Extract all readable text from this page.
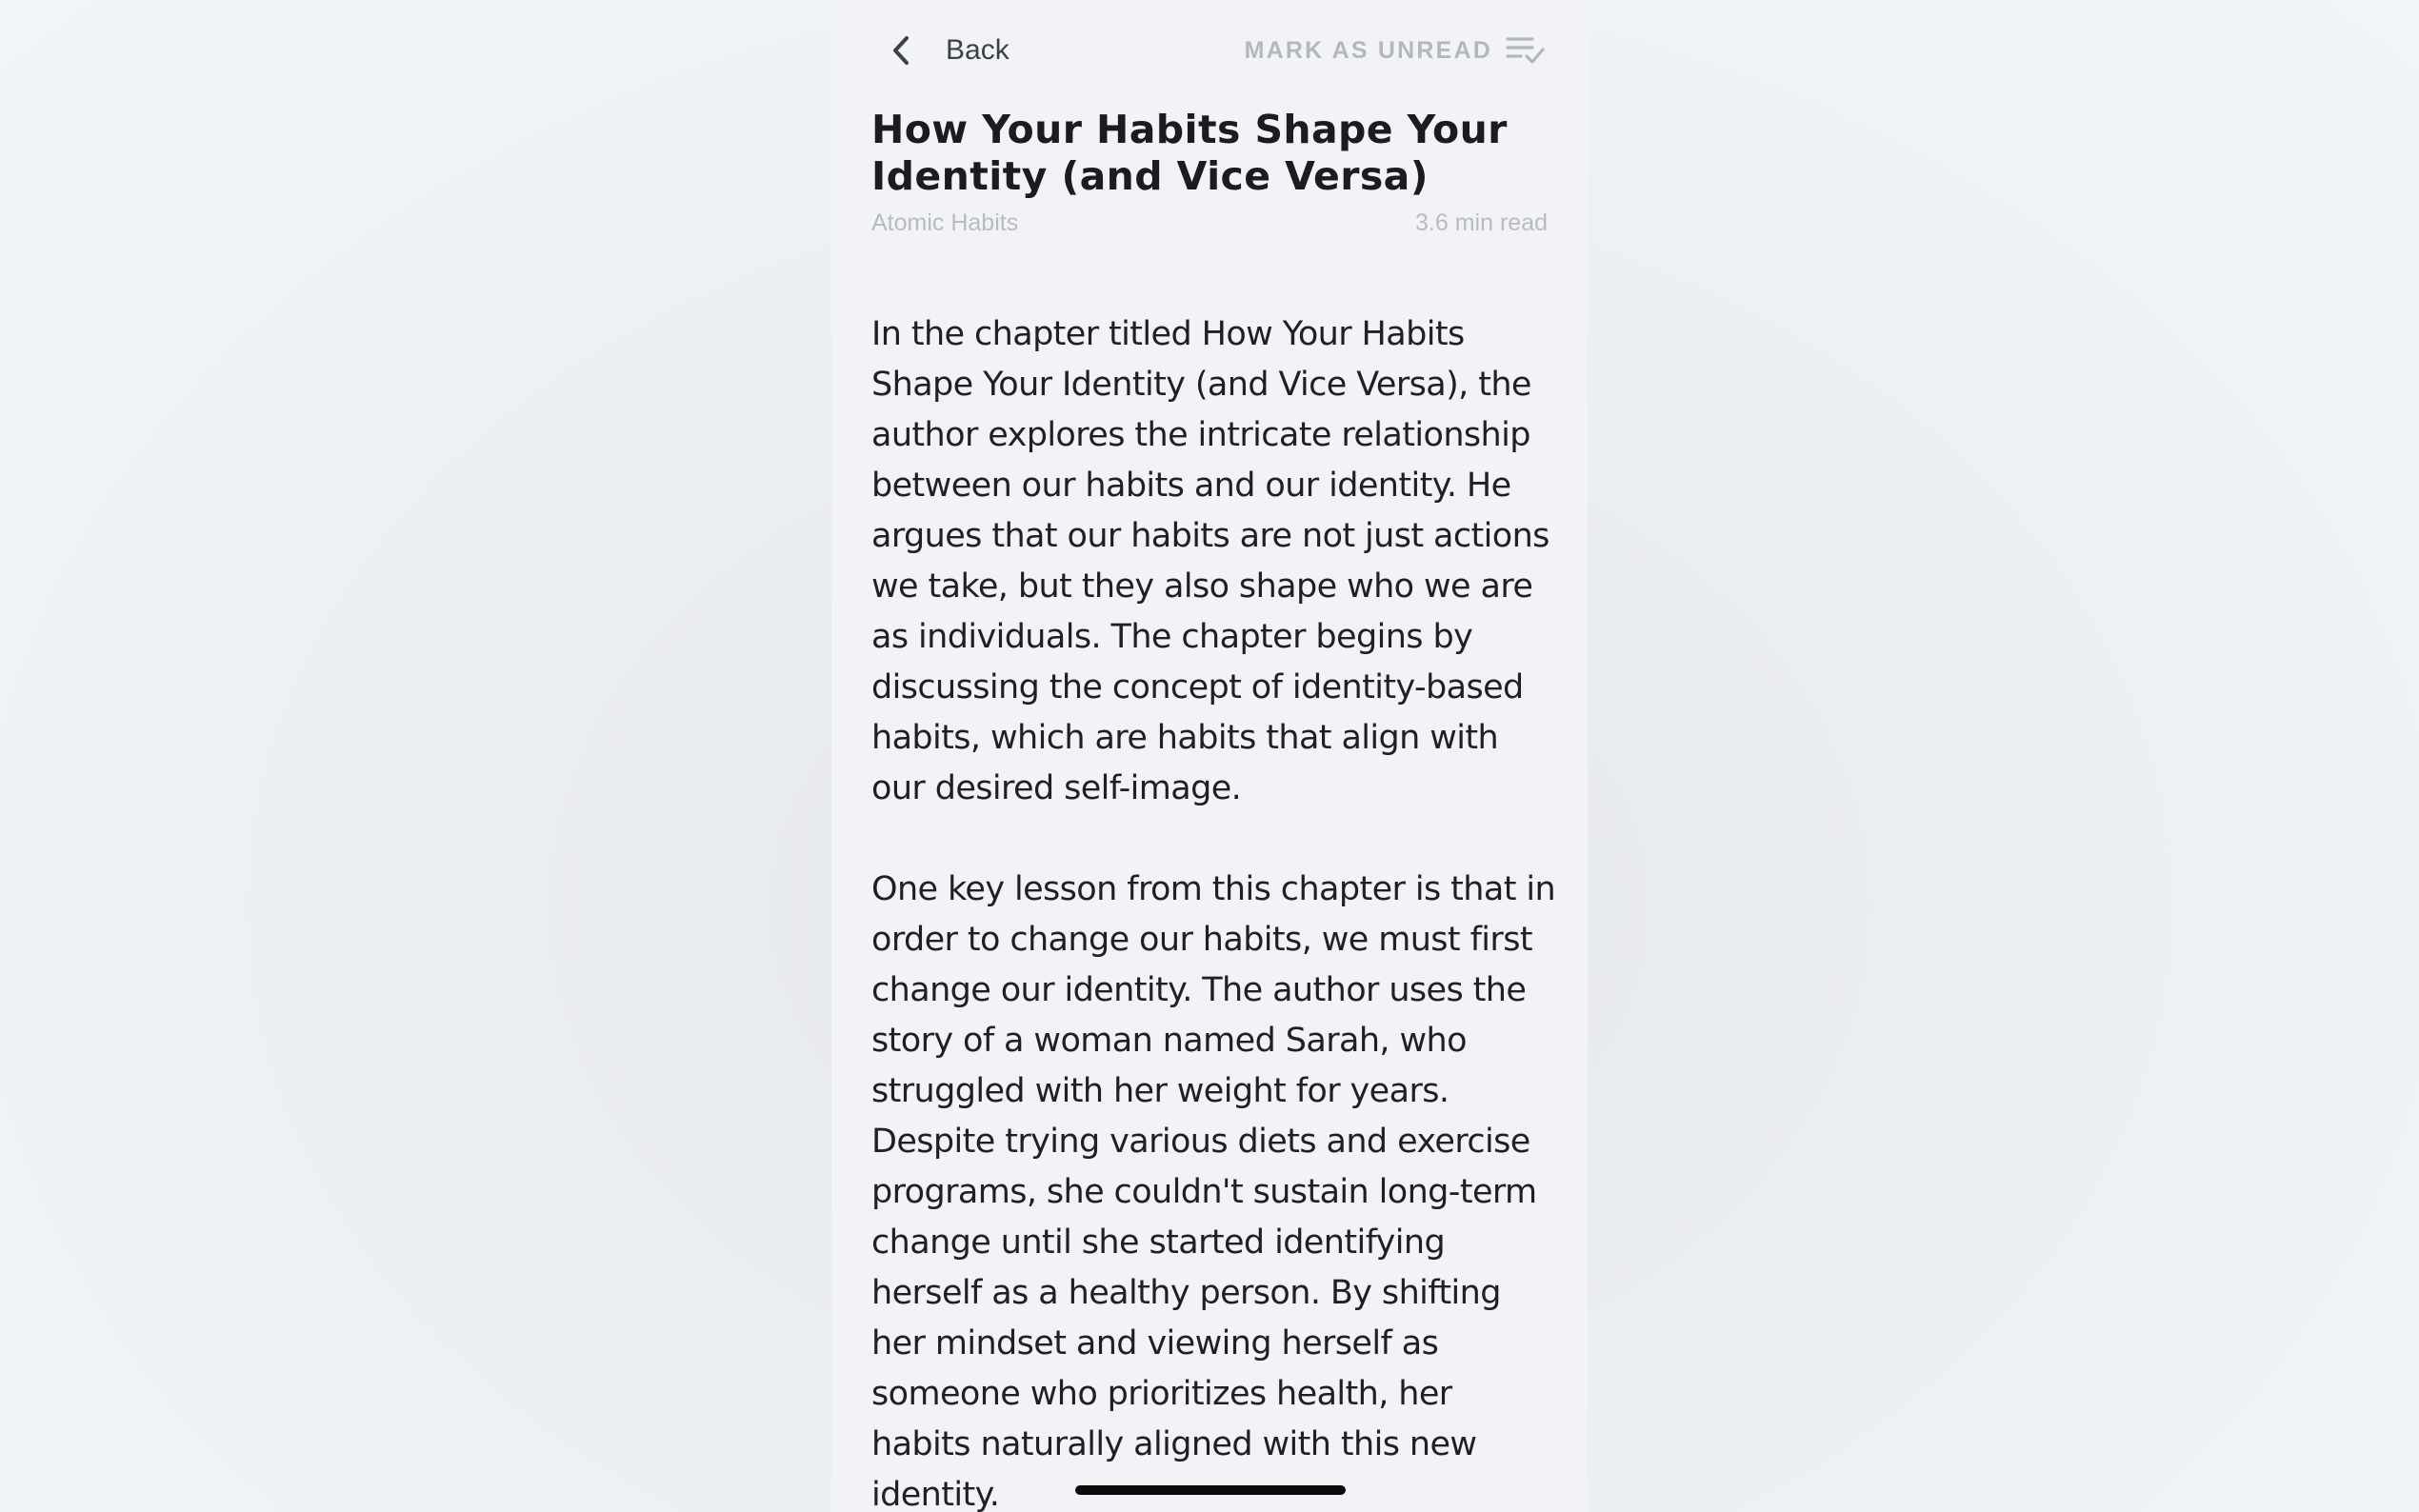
Back	MARK AS UNREAD
How Your Habits Shape Your Identity (and Vice Versa)
Atomic Habits	3.6 min read

In the chapter titled How Your Habits Shape Your Identity (and Vice Versa), the author explores the intricate relationship between our habits and our identity. He argues that our habits are not just actions we take, but they also shape who we are as individuals. The chapter begins by discussing the concept of identity-based habits, which are habits that align with our desired self-image.

One key lesson from this chapter is that in order to change our habits, we must first change our identity. The author uses the story of a woman named Sarah, who struggled with her weight for years. Despite trying various diets and exercise programs, she couldn't sustain long-term change until she started identifying herself as a healthy person. By shifting her mindset and viewing herself as someone who prioritizes health, her habits naturally aligned with this new identity.
